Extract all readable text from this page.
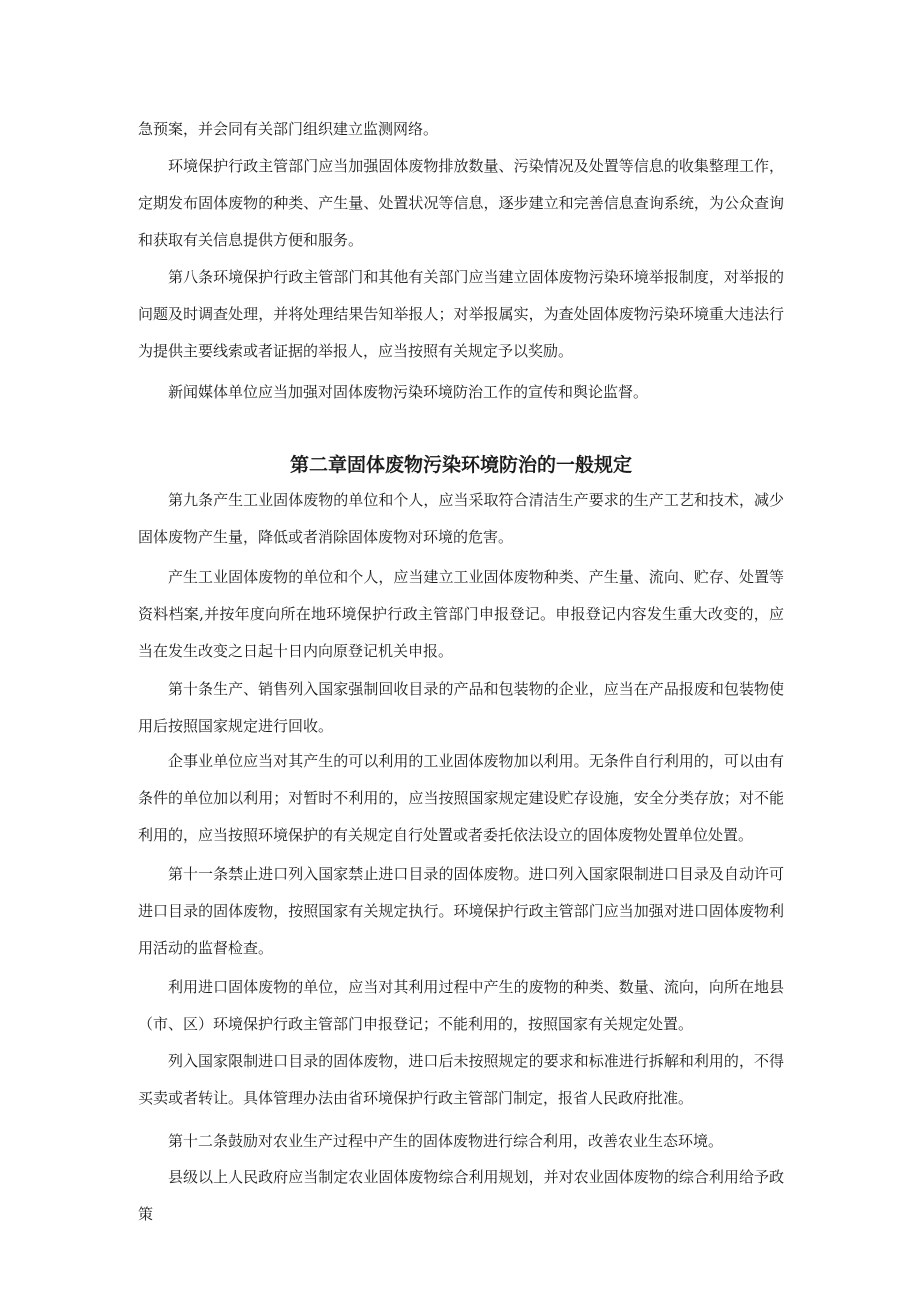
急预案，并会同有关部门组织建立监测网络。

环境保护行政主管部门应当加强固体废物排放数量、污染情况及处置等信息的收集整理工作，定期发布固体废物的种类、产生量、处置状况等信息，逐步建立和完善信息查询系统，为公众查询和获取有关信息提供方便和服务。

第八条环境保护行政主管部门和其他有关部门应当建立固体废物污染环境举报制度，对举报的问题及时调查处理，并将处理结果告知举报人；对举报属实，为查处固体废物污染环境重大违法行为提供主要线索或者证据的举报人，应当按照有关规定予以奖励。

新闻媒体单位应当加强对固体废物污染环境防治工作的宣传和舆论监督。

第二章固体废物污染环境防治的一般规定

第九条产生工业固体废物的单位和个人，应当采取符合清洁生产要求的生产工艺和技术，减少固体废物产生量，降低或者消除固体废物对环境的危害。

产生工业固体废物的单位和个人，应当建立工业固体废物种类、产生量、流向、贮存、处置等资料档案,并按年度向所在地环境保护行政主管部门申报登记。申报登记内容发生重大改变的，应当在发生改变之日起十日内向原登记机关申报。

第十条生产、销售列入国家强制回收目录的产品和包装物的企业，应当在产品报废和包装物使用后按照国家规定进行回收。

企事业单位应当对其产生的可以利用的工业固体废物加以利用。无条件自行利用的，可以由有条件的单位加以利用；对暂时不利用的，应当按照国家规定建设贮存设施，安全分类存放；对不能利用的，应当按照环境保护的有关规定自行处置或者委托依法设立的固体废物处置单位处置。

第十一条禁止进口列入国家禁止进口目录的固体废物。进口列入国家限制进口目录及自动许可进口目录的固体废物，按照国家有关规定执行。环境保护行政主管部门应当加强对进口固体废物利用活动的监督检查。

利用进口固体废物的单位，应当对其利用过程中产生的废物的种类、数量、流向，向所在地县（市、区）环境保护行政主管部门申报登记；不能利用的，按照国家有关规定处置。

列入国家限制进口目录的固体废物，进口后未按照规定的要求和标准进行拆解和利用的，不得买卖或者转让。具体管理办法由省环境保护行政主管部门制定，报省人民政府批准。

第十二条鼓励对农业生产过程中产生的固体废物进行综合利用，改善农业生态环境。

县级以上人民政府应当制定农业固体废物综合利用规划，并对农业固体废物的综合利用给予政策
